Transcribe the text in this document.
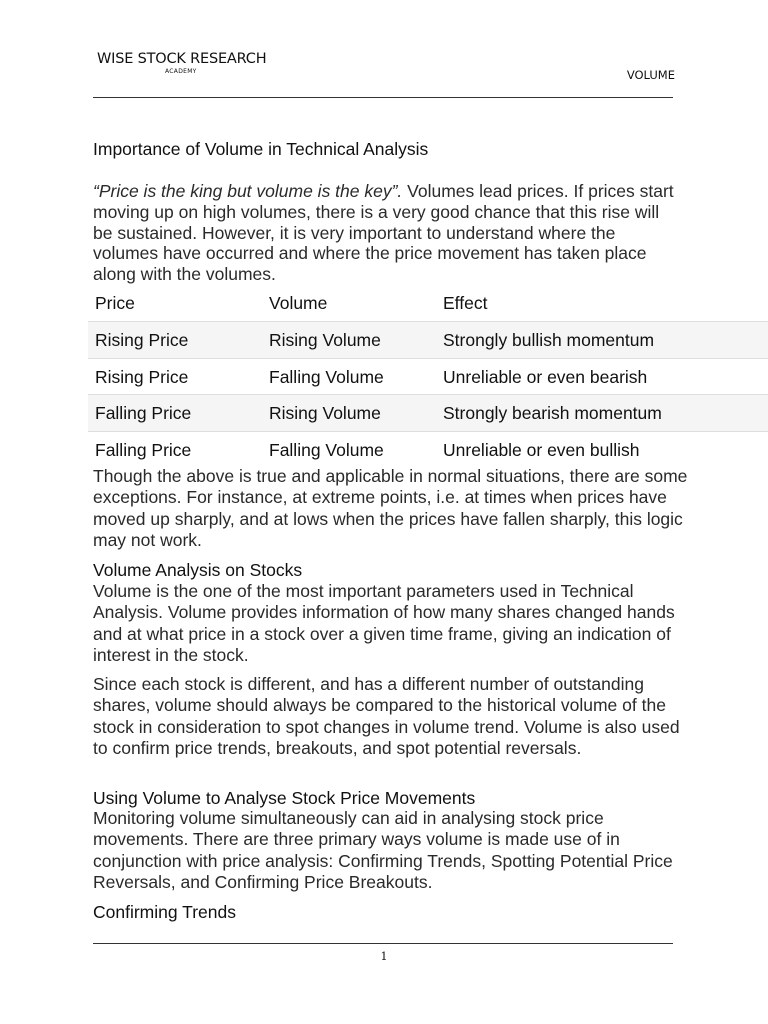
WISE STOCK RESEARCH
ACADEMY	VOLUME
Importance of Volume in Technical Analysis
“Price is the king but volume is the key”. Volumes lead prices. If prices start moving up on high volumes, there is a very good chance that this rise will be sustained. However, it is very important to understand where the volumes have occurred and where the price movement has taken place along with the volumes.
Price	Volume	Effect
Rising Price	Rising Volume	Strongly bullish momentum
Rising Price	Falling Volume	Unreliable or even bearish
Falling Price	Rising Volume	Strongly bearish momentum
Falling Price	Falling Volume	Unreliable or even bullish
Though the above is true and applicable in normal situations, there are some exceptions. For instance, at extreme points, i.e. at times when prices have moved up sharply, and at lows when the prices have fallen sharply, this logic may not work.
Volume Analysis on Stocks
Volume is the one of the most important parameters used in Technical Analysis. Volume provides information of how many shares changed hands and at what price in a stock over a given time frame, giving an indication of interest in the stock.
Since each stock is different, and has a different number of outstanding shares, volume should always be compared to the historical volume of the stock in consideration to spot changes in volume trend. Volume is also used to confirm price trends, breakouts, and spot potential reversals.
Using Volume to Analyse Stock Price Movements
Monitoring volume simultaneously can aid in analysing stock price movements. There are three primary ways volume is made use of in conjunction with price analysis: Confirming Trends, Spotting Potential Price Reversals, and Confirming Price Breakouts.
Confirming Trends
1
